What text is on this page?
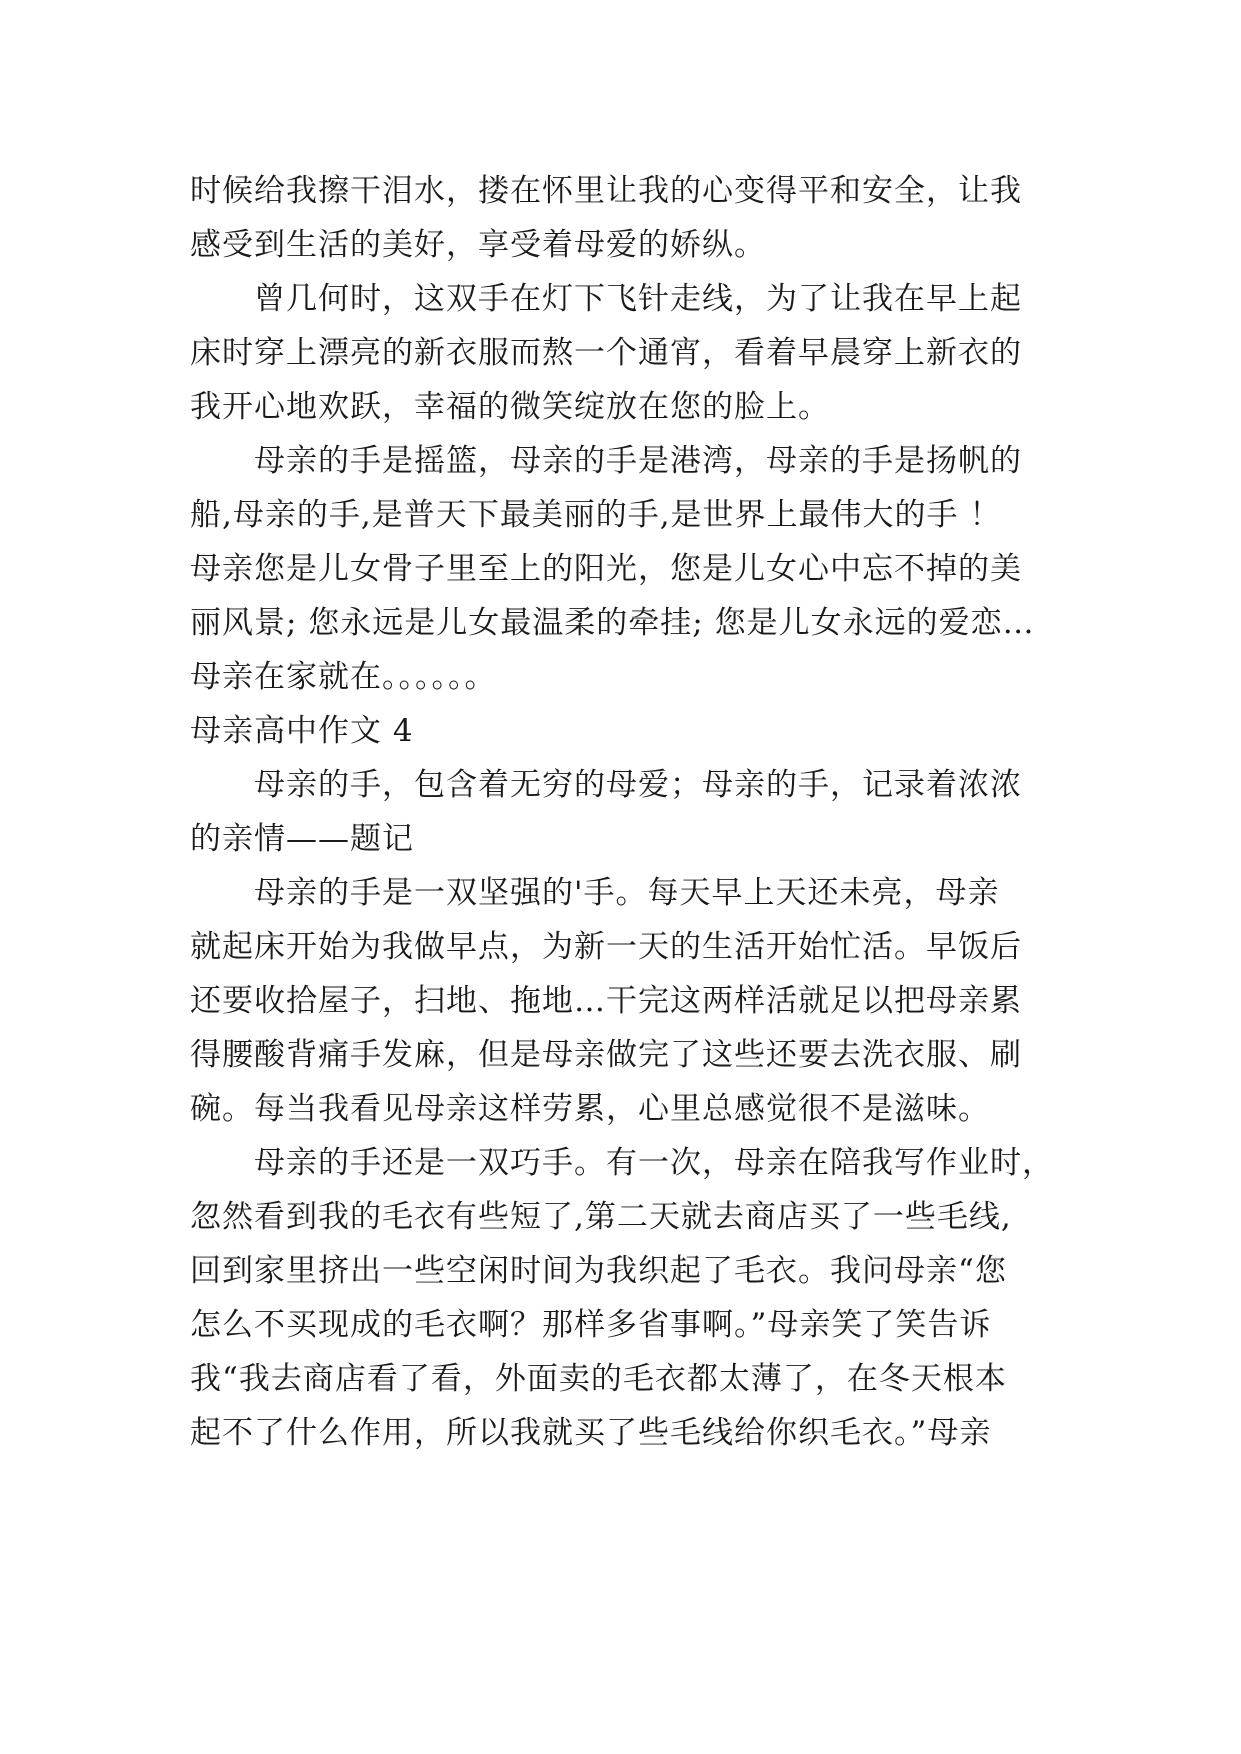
时候给我擦干泪水，搂在怀里让我的心变得平和安全，让我
感受到生活的美好，享受着母爱的娇纵。
曾几何时，这双手在灯下飞针走线，为了让我在早上起
床时穿上漂亮的新衣服而熬一个通宵，看着早晨穿上新衣的
我开心地欢跃，幸福的微笑绽放在您的脸上。
母亲的手是摇篮，母亲的手是港湾，母亲的手是扬帆的
船,母亲的手,是普天下最美丽的手,是世界上最伟大的手 ！
母亲您是儿女骨子里至上的阳光，您是儿女心中忘不掉的美
丽风景; 您永远是儿女最温柔的牵挂; 您是儿女永远的爱恋…
母亲在家就在。。。。。。
母亲高中作文 4
母亲的手，包含着无穷的母爱；母亲的手，记录着浓浓
的亲情——题记
母亲的手是一双坚强的'手。每天早上天还未亮，母亲
就起床开始为我做早点，为新一天的生活开始忙活。早饭后
还要收拾屋子，扫地、拖地…干完这两样活就足以把母亲累
得腰酸背痛手发麻，但是母亲做完了这些还要去洗衣服、刷
碗。每当我看见母亲这样劳累，心里总感觉很不是滋味。
母亲的手还是一双巧手。有一次，母亲在陪我写作业时，
忽然看到我的毛衣有些短了,第二天就去商店买了一些毛线,
回到家里挤出一些空闲时间为我织起了毛衣。我问母亲“您
怎么不买现成的毛衣啊？那样多省事啊。”母亲笑了笑告诉
我“我去商店看了看，外面卖的毛衣都太薄了，在冬天根本
起不了什么作用，所以我就买了些毛线给你织毛衣。”母亲
